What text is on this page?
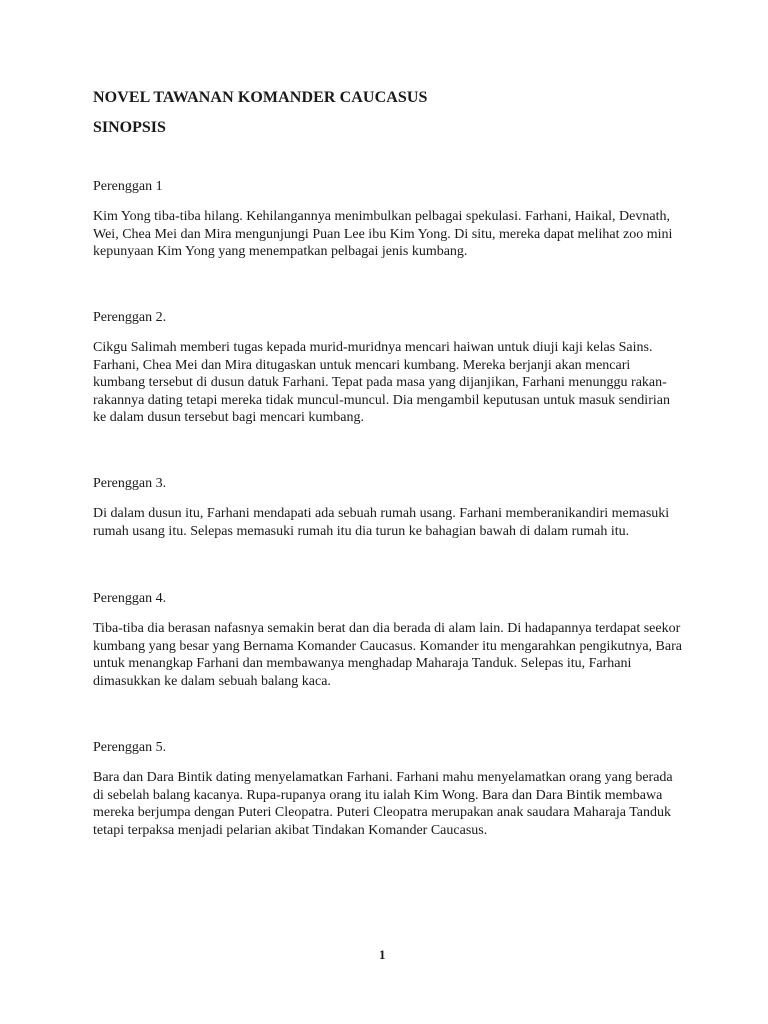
NOVEL TAWANAN KOMANDER CAUCASUS
SINOPSIS

Perenggan 1

Kim Yong tiba-tiba hilang. Kehilangannya menimbulkan pelbagai spekulasi. Farhani, Haikal, Devnath, Wei, Chea Mei dan Mira mengunjungi Puan Lee ibu Kim Yong. Di situ, mereka dapat melihat zoo mini kepunyaan Kim Yong yang menempatkan pelbagai jenis kumbang.

Perenggan 2.

Cikgu Salimah memberi tugas kepada murid-muridnya mencari haiwan untuk diuji kaji kelas Sains. Farhani, Chea Mei dan Mira ditugaskan untuk mencari kumbang. Mereka berjanji akan mencari kumbang tersebut di dusun datuk Farhani. Tepat pada masa yang dijanjikan, Farhani menunggu rakan-rakannya dating tetapi mereka tidak muncul-muncul. Dia mengambil keputusan untuk masuk sendirian ke dalam dusun tersebut bagi mencari kumbang.

Perenggan 3.

Di dalam dusun itu, Farhani mendapati ada sebuah rumah usang. Farhani memberanikandiri memasuki rumah usang itu. Selepas memasuki rumah itu dia turun ke bahagian bawah di dalam rumah itu.

Perenggan 4.

Tiba-tiba dia berasan nafasnya semakin berat dan dia berada di alam lain. Di hadapannya terdapat seekor kumbang yang besar yang Bernama Komander Caucasus. Komander itu mengarahkan pengikutnya, Bara untuk menangkap Farhani dan membawanya menghadap Maharaja Tanduk. Selepas itu, Farhani dimasukkan ke dalam sebuah balang kaca.

Perenggan 5.

Bara dan Dara Bintik dating menyelamatkan Farhani. Farhani mahu menyelamatkan orang yang berada di sebelah balang kacanya. Rupa-rupanya orang itu ialah Kim Wong. Bara dan Dara Bintik membawa mereka berjumpa dengan Puteri Cleopatra. Puteri Cleopatra merupakan anak saudara Maharaja Tanduk tetapi terpaksa menjadi pelarian akibat Tindakan Komander Caucasus.

1
